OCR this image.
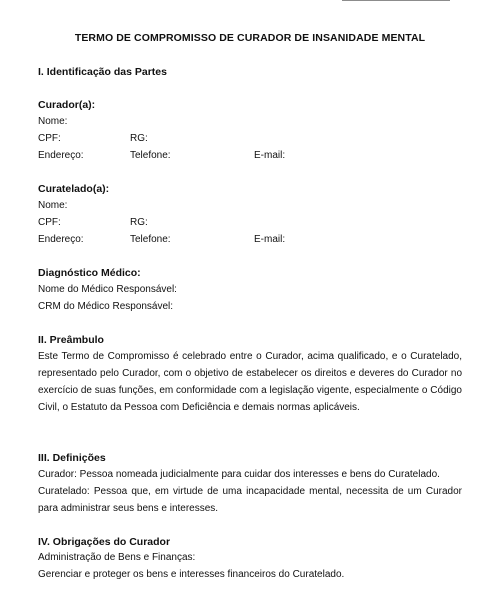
TERMO DE COMPROMISSO DE CURADOR DE INSANIDADE MENTAL
I. Identificação das Partes
Curador(a):
Nome:
CPF:	RG:
Endereço:	Telefone:	E-mail:
Curatelado(a):
Nome:
CPF:	RG:
Endereço:	Telefone:	E-mail:
Diagnóstico Médico:
Nome do Médico Responsável:
CRM do Médico Responsável:
II. Preâmbulo

Este Termo de Compromisso é celebrado entre o Curador, acima qualificado, e o Curatelado, representado pelo Curador, com o objetivo de estabelecer os direitos e deveres do Curador no exercício de suas funções, em conformidade com a legislação vigente, especialmente o Código Civil, o Estatuto da Pessoa com Deficiência e demais normas aplicáveis.

III. Definições

Curador: Pessoa nomeada judicialmente para cuidar dos interesses e bens do Curatelado.

Curatelado: Pessoa que, em virtude de uma incapacidade mental, necessita de um Curador para administrar seus bens e interesses.

IV. Obrigações do Curador
Administração de Bens e Finanças:
Gerenciar e proteger os bens e interesses financeiros do Curatelado.
